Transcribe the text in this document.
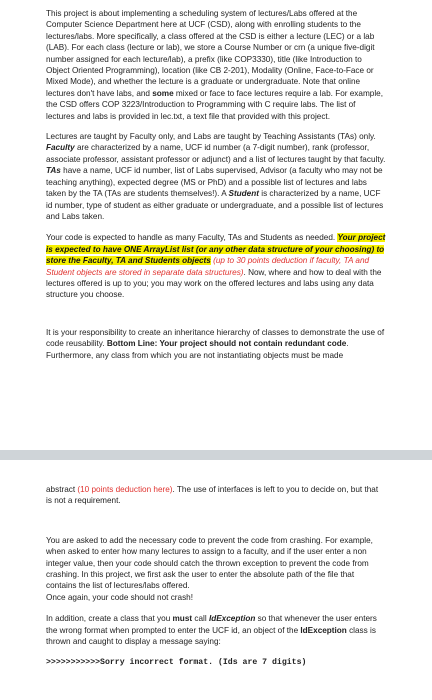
This project is about implementing a scheduling system of lectures/Labs offered at the Computer Science Department here at UCF (CSD), along with enrolling students to the lectures/labs. More specifically, a class offered at the CSD is either a lecture (LEC) or a lab (LAB). For each class (lecture or lab), we store a Course Number or crn (a unique five-digit number assigned for each lecture/lab), a prefix (like COP3330), title (like Introduction to Object Oriented Programming), location (like CB 2-201), Modality (Online, Face-to-Face or Mixed Mode), and whether the lecture is a graduate or undergraduate. Note that online lectures don't have labs, and some mixed or face to face lectures require a lab. For example, the CSD offers COP 3223/Introduction to Programming with C require labs. The list of lectures and labs is provided in lec.txt, a text file that provided with this project.

Lectures are taught by Faculty only, and Labs are taught by Teaching Assistants (TAs) only. Faculty are characterized by a name, UCF id number (a 7-digit number), rank (professor, associate professor, assistant professor or adjunct) and a list of lectures taught by that faculty. TAs have a name, UCF id number, list of Labs supervised, Advisor (a faculty who may not be teaching anything), expected degree (MS or PhD) and a possible list of lectures and labs taken by the TA (TAs are students themselves!). A Student is characterized by a name, UCF id number, type of student as either graduate or undergraduate, and a possible list of lectures and Labs taken.

Your code is expected to handle as many Faculty, TAs and Students as needed. Your project is expected to have ONE ArrayList list (or any other data structure of your choosing) to store the Faculty, TA and Students objects (up to 30 points deduction if faculty, TA and Student objects are stored in separate data structures). Now, where and how to deal with the lectures offered is up to you; you may work on the offered lectures and labs using any data structure you choose.

It is your responsibility to create an inheritance hierarchy of classes to demonstrate the use of code reusability. Bottom Line: Your project should not contain redundant code. Furthermore, any class from which you are not instantiating objects must be made

abstract (10 points deduction here). The use of interfaces is left to you to decide on, but that is not a requirement.

You are asked to add the necessary code to prevent the code from crashing. For example, when asked to enter how many lectures to assign to a faculty, and if the user enter a non integer value, then your code should catch the thrown exception to prevent the code from crashing. In this project, we first ask the user to enter the absolute path of the file that contains the list of lectures/labs offered.
Once again, your code should not crash!

In addition, create a class that you must call IdException so that whenever the user enters the wrong format when prompted to enter the UCF id, an object of the IdException class is thrown and caught to display a message saying:

>>>>>>>>>>>Sorry incorrect format. (Ids are 7 digits)
